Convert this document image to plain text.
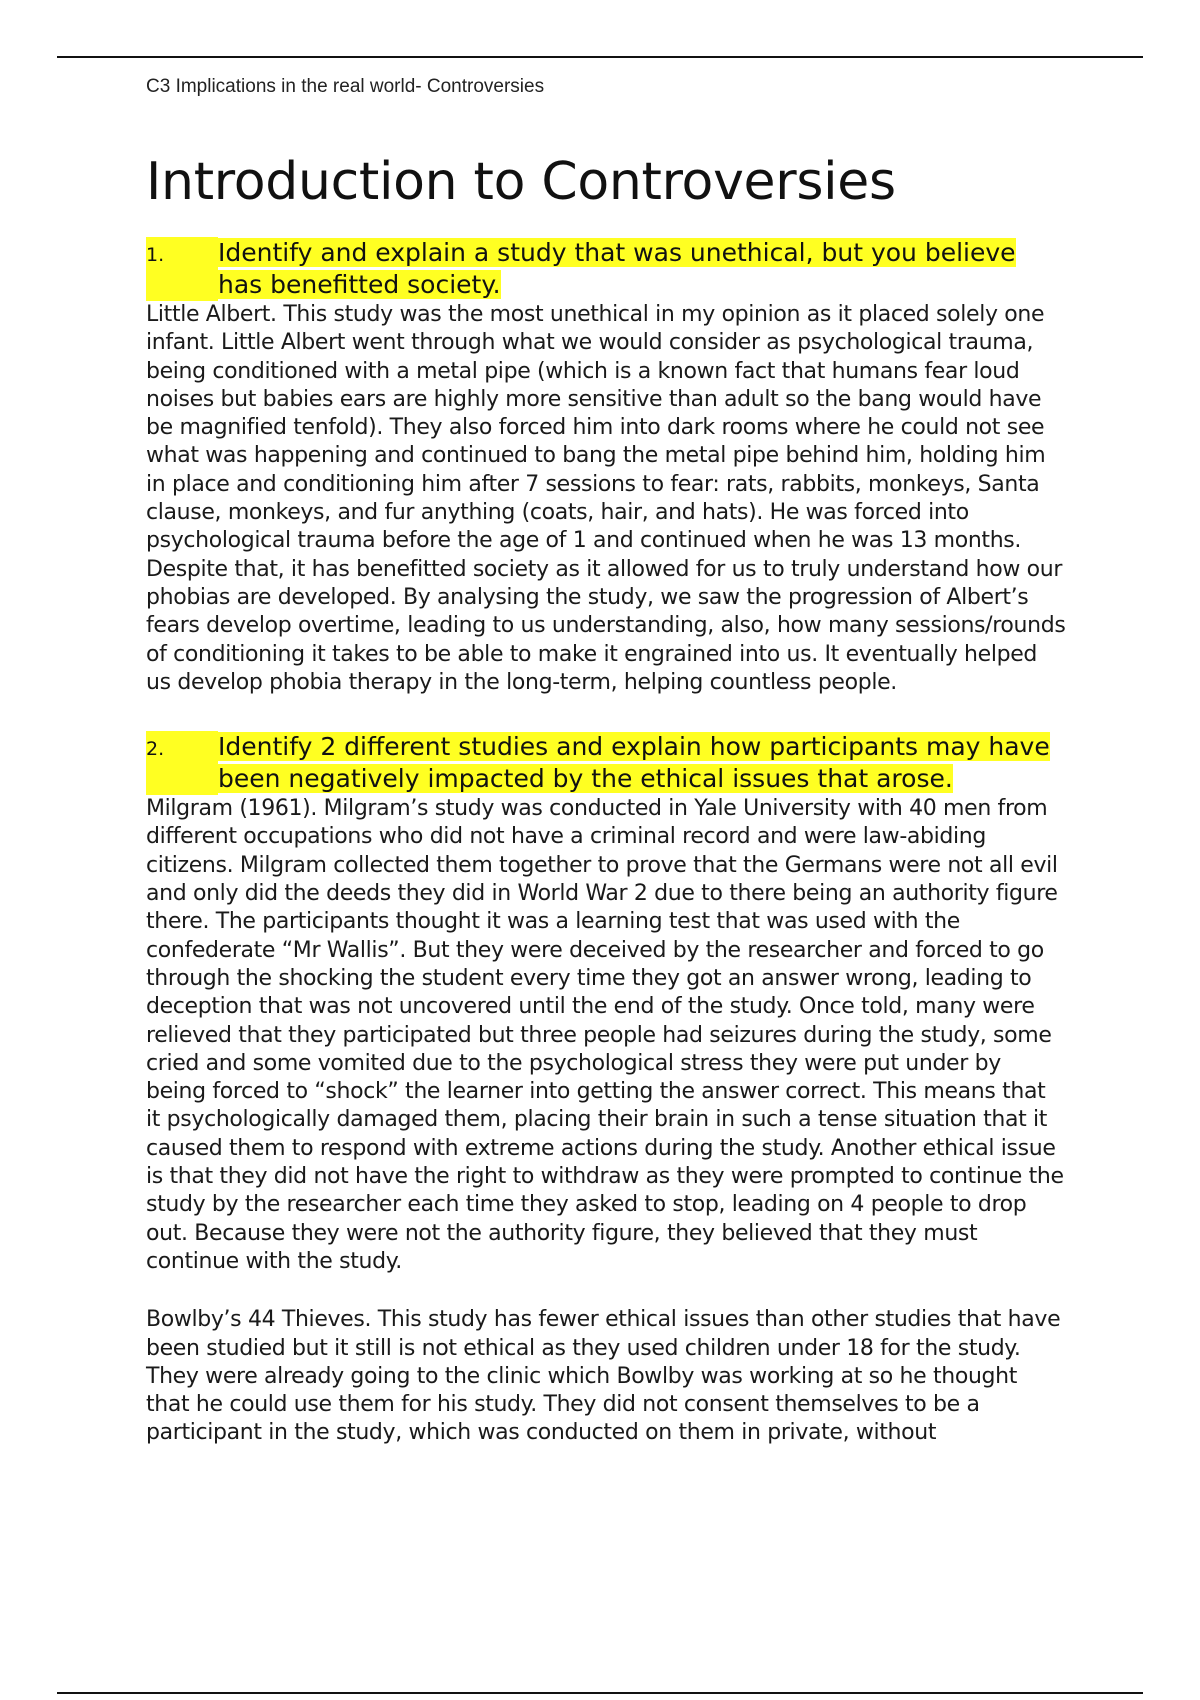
C3 Implications in the real world- Controversies

Introduction to Controversies
1.	Identify and explain a study that was unethical, but you believe has benefitted society.

Little Albert. This study was the most unethical in my opinion as it placed solely one infant. Little Albert went through what we would consider as psychological trauma, being conditioned with a metal pipe (which is a known fact that humans fear loud noises but babies ears are highly more sensitive than adult so the bang would have be magnified tenfold). They also forced him into dark rooms where he could not see what was happening and continued to bang the metal pipe behind him, holding him in place and conditioning him after 7 sessions to fear: rats, rabbits, monkeys, Santa clause, monkeys, and fur anything (coats, hair, and hats). He was forced into psychological trauma before the age of 1 and continued when he was 13 months. Despite that, it has benefitted society as it allowed for us to truly understand how our phobias are developed. By analysing the study, we saw the progression of Albert’s fears develop overtime, leading to us understanding, also, how many sessions/rounds of conditioning it takes to be able to make it engrained into us. It eventually helped us develop phobia therapy in the long-term, helping countless people.

2.	Identify 2 different studies and explain how participants may have been negatively impacted by the ethical issues that arose.

Milgram (1961). Milgram’s study was conducted in Yale University with 40 men from different occupations who did not have a criminal record and were law-abiding citizens. Milgram collected them together to prove that the Germans were not all evil and only did the deeds they did in World War 2 due to there being an authority figure there. The participants thought it was a learning test that was used with the confederate “Mr Wallis”. But they were deceived by the researcher and forced to go through the shocking the student every time they got an answer wrong, leading to deception that was not uncovered until the end of the study. Once told, many were relieved that they participated but three people had seizures during the study, some cried and some vomited due to the psychological stress they were put under by being forced to “shock” the learner into getting the answer correct. This means that it psychologically damaged them, placing their brain in such a tense situation that it caused them to respond with extreme actions during the study. Another ethical issue is that they did not have the right to withdraw as they were prompted to continue the study by the researcher each time they asked to stop, leading on 4 people to drop out. Because they were not the authority figure, they believed that they must continue with the study.

Bowlby’s 44 Thieves. This study has fewer ethical issues than other studies that have been studied but it still is not ethical as they used children under 18 for the study. They were already going to the clinic which Bowlby was working at so he thought that he could use them for his study. They did not consent themselves to be a participant in the study, which was conducted on them in private, without
